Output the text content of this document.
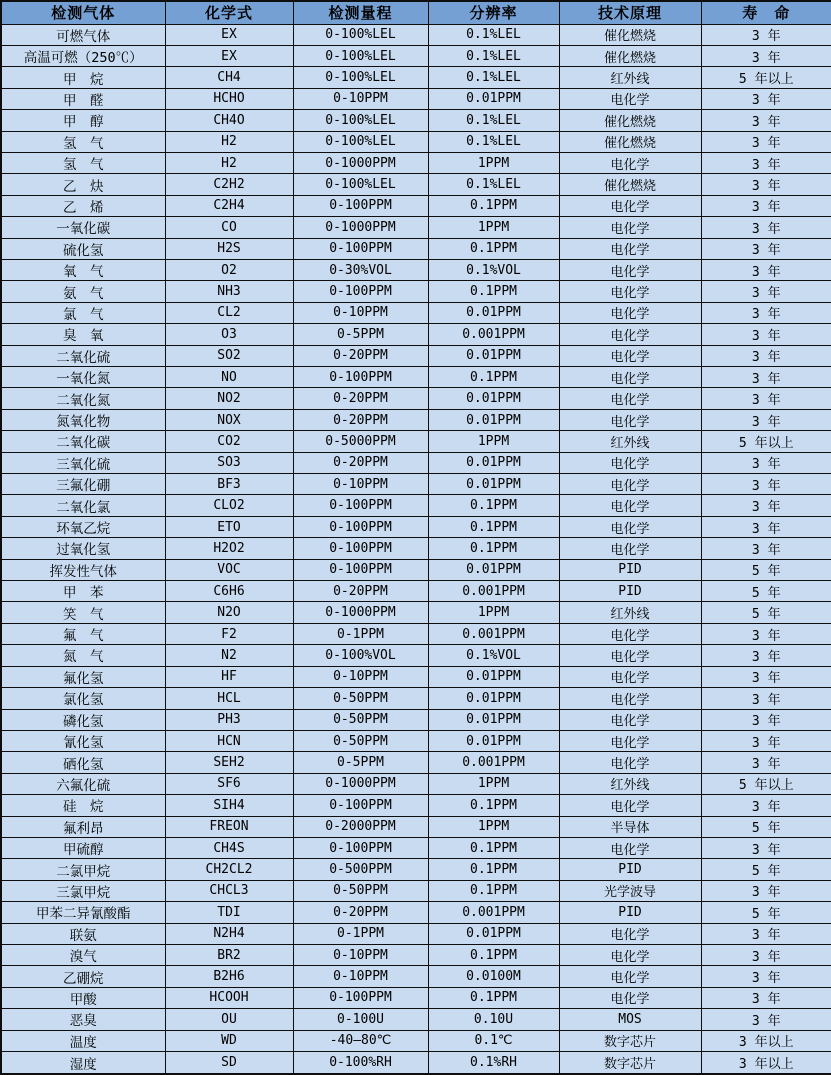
检测气体	化学式	检测量程	分辨率	技术原理	寿　命
可燃气体	EX	0-100%LEL	0.1%LEL	催化燃烧	3 年
高温可燃（250℃）	EX	0-100%LEL	0.1%LEL	催化燃烧	3 年
甲　烷	CH4	0-100%LEL	0.1%LEL	红外线	5 年以上
甲　醛	HCHO	0-10PPM	0.01PPM	电化学	3 年
甲　醇	CH4O	0-100%LEL	0.1%LEL	催化燃烧	3 年
氢　气	H2	0-100%LEL	0.1%LEL	催化燃烧	3 年
氢　气	H2	0-1000PPM	1PPM	电化学	3 年
乙　炔	C2H2	0-100%LEL	0.1%LEL	催化燃烧	3 年
乙　烯	C2H4	0-100PPM	0.1PPM	电化学	3 年
一氧化碳	CO	0-1000PPM	1PPM	电化学	3 年
硫化氢	H2S	0-100PPM	0.1PPM	电化学	3 年
氧　气	O2	0-30%VOL	0.1%VOL	电化学	3 年
氨　气	NH3	0-100PPM	0.1PPM	电化学	3 年
氯　气	CL2	0-10PPM	0.01PPM	电化学	3 年
臭　氧	O3	0-5PPM	0.001PPM	电化学	3 年
二氧化硫	SO2	0-20PPM	0.01PPM	电化学	3 年
一氧化氮	NO	0-100PPM	0.1PPM	电化学	3 年
二氧化氮	NO2	0-20PPM	0.01PPM	电化学	3 年
氮氧化物	NOX	0-20PPM	0.01PPM	电化学	3 年
二氧化碳	CO2	0-5000PPM	1PPM	红外线	5 年以上
三氧化硫	SO3	0-20PPM	0.01PPM	电化学	3 年
三氟化硼	BF3	0-10PPM	0.01PPM	电化学	3 年
二氧化氯	CLO2	0-100PPM	0.1PPM	电化学	3 年
环氧乙烷	ETO	0-100PPM	0.1PPM	电化学	3 年
过氧化氢	H2O2	0-100PPM	0.1PPM	电化学	3 年
挥发性气体	VOC	0-100PPM	0.01PPM	PID	5 年
甲　苯	C6H6	0-20PPM	0.001PPM	PID	5 年
笑　气	N2O	0-1000PPM	1PPM	红外线	5 年
氟　气	F2	0-1PPM	0.001PPM	电化学	3 年
氮　气	N2	0-100%VOL	0.1%VOL	电化学	3 年
氟化氢	HF	0-10PPM	0.01PPM	电化学	3 年
氯化氢	HCL	0-50PPM	0.01PPM	电化学	3 年
磷化氢	PH3	0-50PPM	0.01PPM	电化学	3 年
氰化氢	HCN	0-50PPM	0.01PPM	电化学	3 年
硒化氢	SEH2	0-5PPM	0.001PPM	电化学	3 年
六氟化硫	SF6	0-1000PPM	1PPM	红外线	5 年以上
硅　烷	SIH4	0-100PPM	0.1PPM	电化学	3 年
氟利昂	FREON	0-2000PPM	1PPM	半导体	5 年
甲硫醇	CH4S	0-100PPM	0.1PPM	电化学	3 年
二氯甲烷	CH2CL2	0-500PPM	0.1PPM	PID	5 年
三氯甲烷	CHCL3	0-50PPM	0.1PPM	光学波导	3 年
甲苯二异氰酸酯	TDI	0-20PPM	0.001PPM	PID	5 年
联氨	N2H4	0-1PPM	0.01PPM	电化学	3 年
溴气	BR2	0-10PPM	0.1PPM	电化学	3 年
乙硼烷	B2H6	0-10PPM	0.0100M	电化学	3 年
甲酸	HCOOH	0-100PPM	0.1PPM	电化学	3 年
恶臭	OU	0-100U	0.10U	MOS	3 年
温度	WD	-40—80℃	0.1℃	数字芯片	3 年以上
湿度	SD	0-100%RH	0.1%RH	数字芯片	3 年以上
